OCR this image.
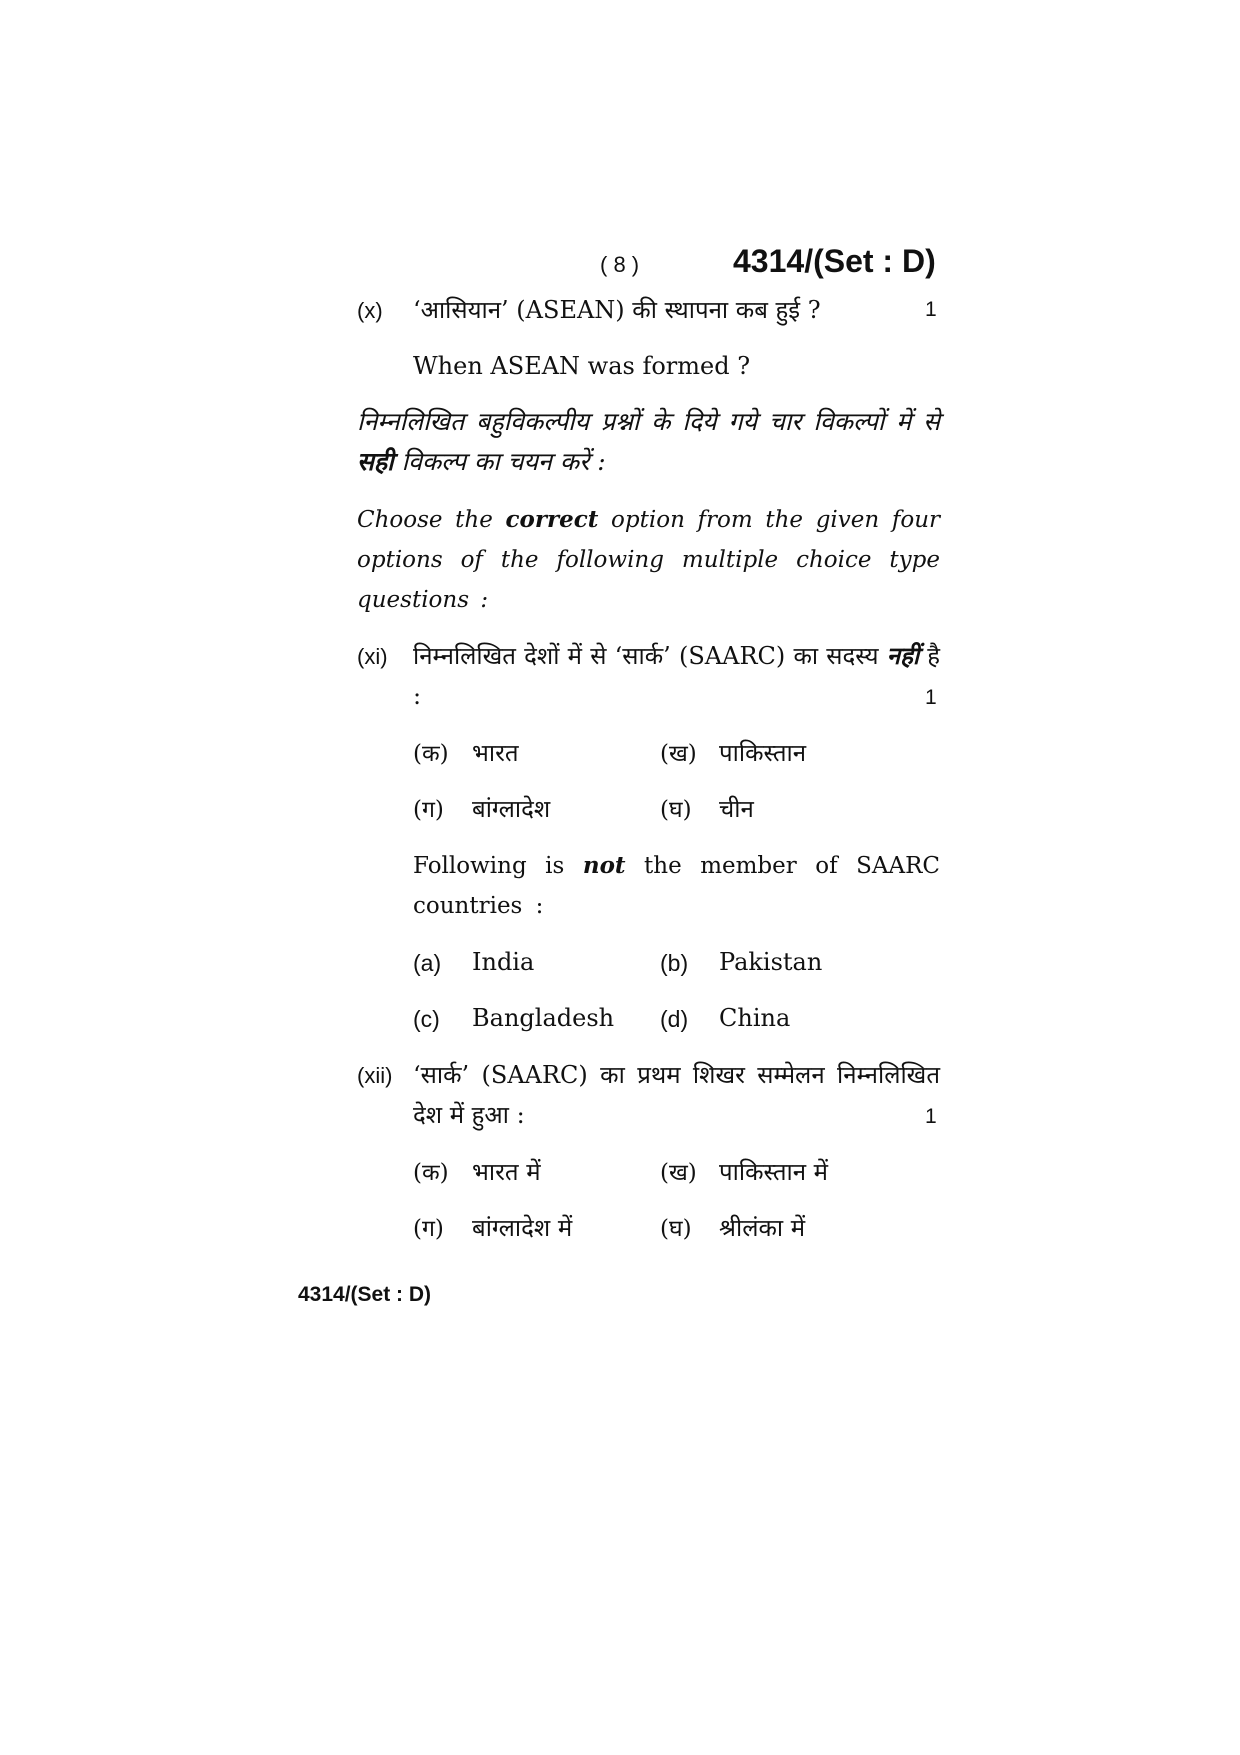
( 8 )	4314/(Set : D)
(x) ‘आसियान’ (ASEAN) की स्थापना कब हुई ?	1
When ASEAN was formed ?
निम्नलिखित बहुविकल्पीय प्रश्नों के दिये गये चार विकल्पों में से सही विकल्प का चयन करें :
Choose the correct option from the given four options of the following multiple choice type questions :
(xi) निम्नलिखित देशों में से ‘सार्क’ (SAARC) का सदस्य नहीं है :	1
(क) भारत	(ख) पाकिस्तान
(ग) बांग्लादेश	(घ) चीन
Following is not the member of SAARC countries :
(a) India	(b) Pakistan
(c) Bangladesh (d) China
(xii) ‘सार्क’ (SAARC) का प्रथम शिखर सम्मेलन निम्नलिखित देश में हुआ :	1
(क) भारत में	(ख) पाकिस्तान में
(ग) बांग्लादेश में	(घ) श्रीलंका में
4314/(Set : D)
